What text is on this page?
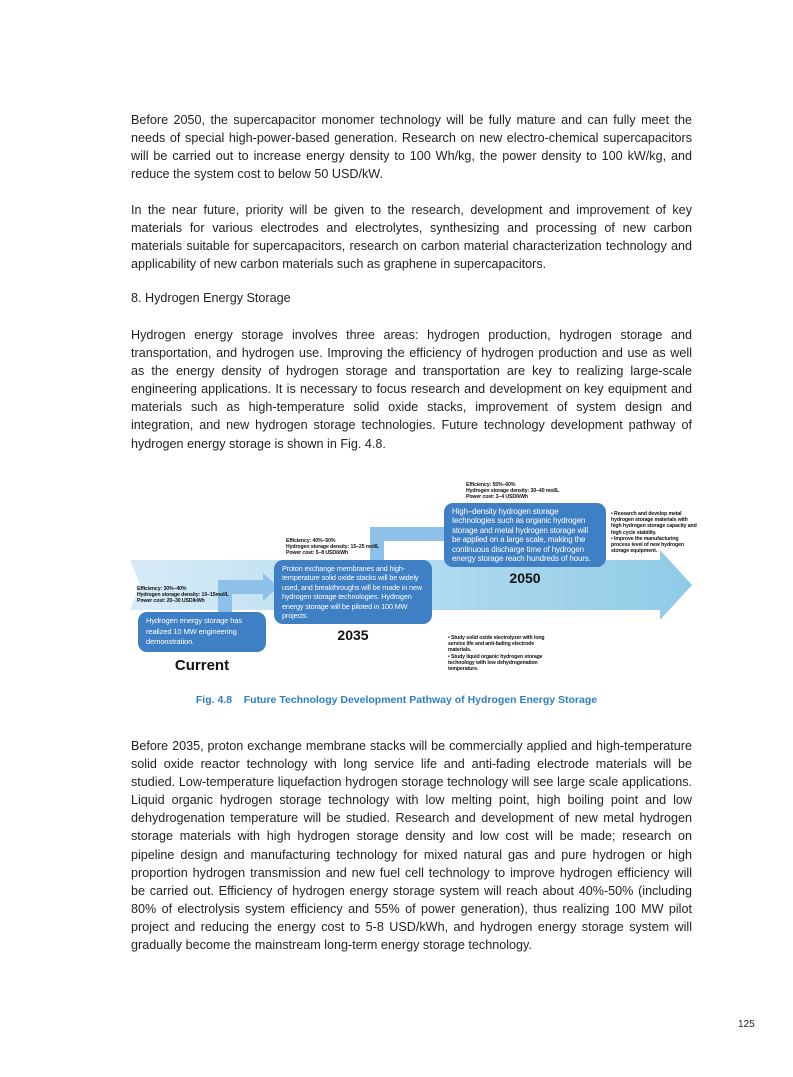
Before 2050, the supercapacitor monomer technology will be fully mature and can fully meet the needs of special high-power-based generation. Research on new electro-chemical supercapacitors will be carried out to increase energy density to 100 Wh/kg, the power density to 100 kW/kg, and reduce the system cost to below 50 USD/kW.

In the near future, priority will be given to the research, development and improvement of key materials for various electrodes and electrolytes, synthesizing and processing of new carbon materials suitable for supercapacitors, research on carbon material characterization technology and applicability of new carbon materials such as graphene in supercapacitors.

8. Hydrogen Energy Storage

Hydrogen energy storage involves three areas: hydrogen production, hydrogen storage and transportation, and hydrogen use. Improving the efficiency of hydrogen production and use as well as the energy density of hydrogen storage and transportation are key to realizing large-scale engineering applications. It is necessary to focus research and development on key equipment and materials such as high-temperature solid oxide stacks, improvement of system design and integration, and new hydrogen storage technologies. Future technology development pathway of hydrogen energy storage is shown in Fig. 4.8.

Efficiency: 30%–40%
Hydrogen storage density: 10–15mol/L
Power cost: 20–30 USD/kWh
Hydrogen energy storage has realized 10 MW engineering demonstration.
Current
Efficiency: 40%–50%
Hydrogen storage density: 15–25 mol/L
Power cost: 5–8 USD/kWh
Proton exchange membranes and high-temperature solid oxide stacks will be widely used, and breakthroughs will be made in new hydrogen storage technologies. Hydrogen energy storage will be piloted in 100 MW projects.
2035
Efficiency: 55%–60%
Hydrogen storage density: 30–40 mol/L
Power cost: 3–4 USD/kWh
High–density hydrogen storage technologies such as organic hydrogen storage and metal hydrogen storage will be applied on a large scale, making the continuous discharge time of hydrogen energy storage reach hundreds of hours.
2050
• Study solid oxide electrolyzer with long service life and anti-fading electrode materials.
• Study liquid organic hydrogen storage technology with low dehydrogenation temperature.
• Research and develop metal hydrogen storage materials with high hydrogen storage capacity and high cycle stability.
• Improve the manufacturing process level of new hydrogen storage equipment.
Fig. 4.8    Future Technology Development Pathway of Hydrogen Energy Storage

Before 2035, proton exchange membrane stacks will be commercially applied and high-temperature solid oxide reactor technology with long service life and anti-fading electrode materials will be studied. Low-temperature liquefaction hydrogen storage technology will see large scale applications. Liquid organic hydrogen storage technology with low melting point, high boiling point and low dehydrogenation temperature will be studied. Research and development of new metal hydrogen storage materials with high hydrogen storage density and low cost will be made; research on pipeline design and manufacturing technology for mixed natural gas and pure hydrogen or high proportion hydrogen transmission and new fuel cell technology to improve hydrogen efficiency will be carried out. Efficiency of hydrogen energy storage system will reach about 40%-50% (including 80% of electrolysis system efficiency and 55% of power generation), thus realizing 100 MW pilot project and reducing the energy cost to 5-8 USD/kWh, and hydrogen energy storage system will gradually become the mainstream long-term energy storage technology.

125
